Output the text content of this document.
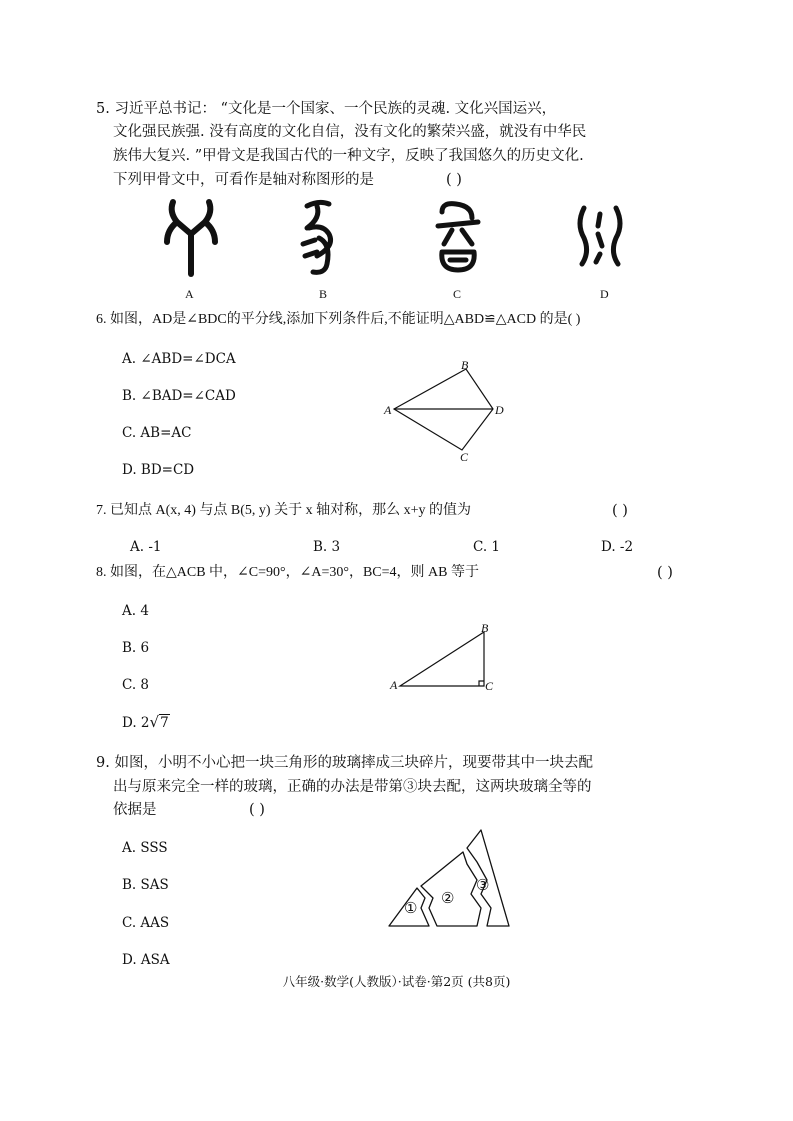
5. 习近平总书记： “文化是一个国家、一个民族的灵魂. 文化兴国运兴，
文化强民族强. 没有高度的文化自信，没有文化的繁荣兴盛，就没有中华民
族伟大复兴. ”甲骨文是我国古代的一种文字，反映了我国悠久的历史文化.
下列甲骨文中，可看作是轴对称图形的是	( )
A	B	C	D
6. 如图，AD是∠BDC的平分线,添加下列条件后,不能证明△ABD≌△ACD 的是( )
A. ∠ABD=∠DCA
B. ∠BAD=∠CAD
C. AB=AC
D. BD=CD
A
B
C
D
7. 已知点 A(x, 4) 与点 B(5, y) 关于 x 轴对称，那么 x+y 的值为	( )
A. -1	B. 3	C. 1	D. -2
8. 如图，在△ACB 中，∠C=90°，∠A=30°，BC=4，则 AB 等于	( )
A. 4
B. 6
C. 8
D. 2√7
A
B
C
9. 如图，小明不小心把一块三角形的玻璃摔成三块碎片，现要带其中一块去配
出与原来完全一样的玻璃，正确的办法是带第③块去配，这两块玻璃全等的
依据是	( )
A. SSS
B. SAS
C. AAS
D. ASA
①
②
③
八年级·数学(人教版）·试卷·第2页 (共8页)
